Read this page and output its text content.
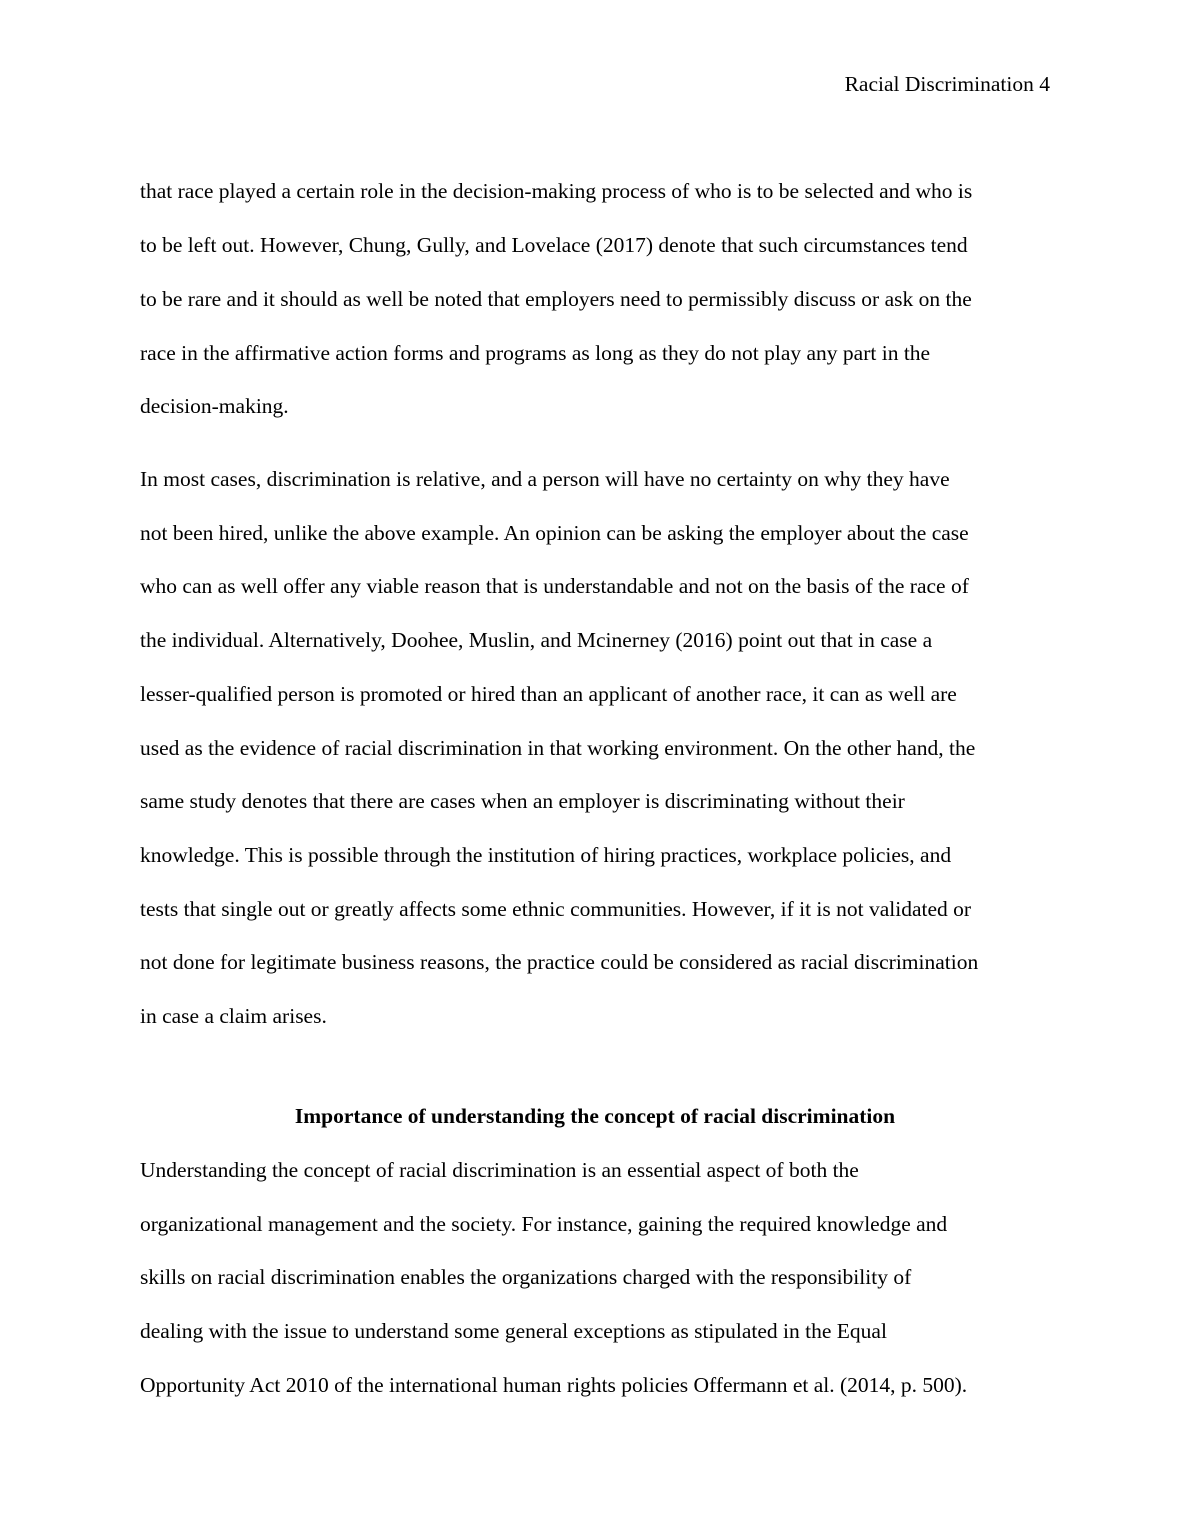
Racial Discrimination 4
that race played a certain role in the decision-making process of who is to be selected and who is
to be left out. However, Chung, Gully, and Lovelace (2017) denote that such circumstances tend
to be rare and it should as well be noted that employers need to permissibly discuss or ask on the
race in the affirmative action forms and programs as long as they do not play any part in the
decision-making.
In most cases, discrimination is relative, and a person will have no certainty on why they have
not been hired, unlike the above example. An opinion can be asking the employer about the case
who can as well offer any viable reason that is understandable and not on the basis of the race of
the individual. Alternatively, Doohee, Muslin, and Mcinerney (2016) point out that in case a
lesser-qualified person is promoted or hired than an applicant of another race, it can as well are
used as the evidence of racial discrimination in that working environment. On the other hand, the
same study denotes that there are cases when an employer is discriminating without their
knowledge. This is possible through the institution of hiring practices, workplace policies, and
tests that single out or greatly affects some ethnic communities. However, if it is not validated or
not done for legitimate business reasons, the practice could be considered as racial discrimination
in case a claim arises.
Importance of understanding the concept of racial discrimination
Understanding the concept of racial discrimination is an essential aspect of both the
organizational management and the society. For instance, gaining the required knowledge and
skills on racial discrimination enables the organizations charged with the responsibility of
dealing with the issue to understand some general exceptions as stipulated in the Equal
Opportunity Act 2010 of the international human rights policies Offermann et al. (2014, p. 500).
